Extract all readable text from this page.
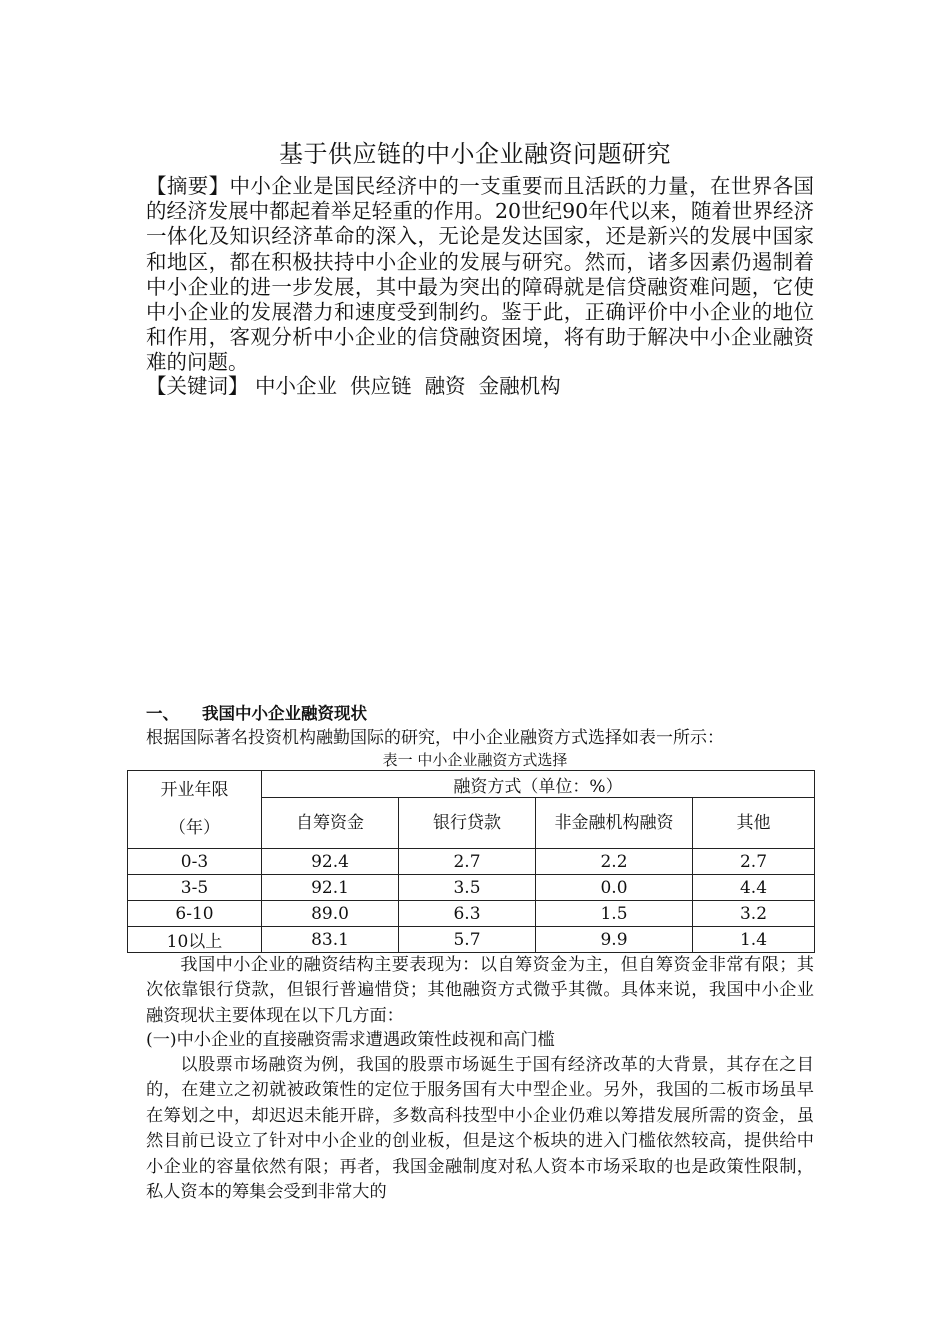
基于供应链的中小企业融资问题研究

【摘要】中小企业是国民经济中的一支重要而且活跃的力量，在世界各国的经济发展中都起着举足轻重的作用。20世纪90年代以来，随着世界经济一体化及知识经济革命的深入，无论是发达国家，还是新兴的发展中国家和地区，都在积极扶持中小企业的发展与研究。然而，诸多因素仍遏制着中小企业的进一步发展，其中最为突出的障碍就是信贷融资难问题，它使中小企业的发展潜力和速度受到制约。鉴于此，正确评价中小企业的地位和作用，客观分析中小企业的信贷融资困境，将有助于解决中小企业融资难的问题。

【关键词】 中小企业  供应链  融资  金融机构
一、    我国中小企业融资现状
根据国际著名投资机构融勤国际的研究，中小企业融资方式选择如表一所示：
表一 中小企业融资方式选择
开业年限
（年）	融资方式（单位：%）			
	自筹资金	银行贷款	非金融机构融资	其他
0-3	92.4	2.7	2.2	2.7
3-5	92.1	3.5	0.0	4.4
6-10	89.0	6.3	1.5	3.2
10以上	83.1	5.7	9.9	1.4

我国中小企业的融资结构主要表现为：以自筹资金为主，但自筹资金非常有限；其次依靠银行贷款，但银行普遍惜贷；其他融资方式微乎其微。具体来说，我国中小企业融资现状主要体现在以下几方面：

(一)中小企业的直接融资需求遭遇政策性歧视和高门槛

以股票市场融资为例，我国的股票市场诞生于国有经济改革的大背景，其存在之目的，在建立之初就被政策性的定位于服务国有大中型企业。另外，我国的二板市场虽早在筹划之中，却迟迟未能开辟，多数高科技型中小企业仍难以筹措发展所需的资金，虽然目前已设立了针对中小企业的创业板，但是这个板块的进入门槛依然较高，提供给中小企业的容量依然有限；再者，我国金融制度对私人资本市场采取的也是政策性限制，私人资本的筹集会受到非常大的
